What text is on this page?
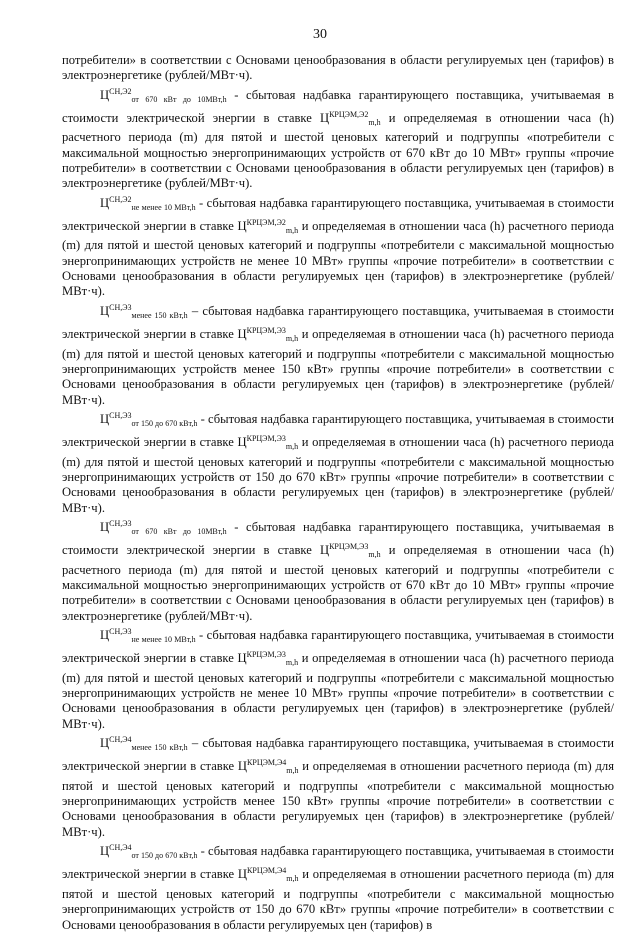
30

потребители» в соответствии с Основами ценообразования в области регулируемых цен (тарифов) в электроэнергетике (рублей/МВт·ч).

$Ц^{СН,Э2}_{от 670 кВт до 10МВт,h}$ - сбытовая надбавка гарантирующего поставщика, учитываемая в стоимости электрической энергии в ставке $Ц^{КРЦЭМ,Э2}_{m,h}$ и определяемая в отношении часа (h) расчетного периода (m) для пятой и шестой ценовых категорий и подгруппы «потребители с максимальной мощностью энергопринимающих устройств от 670 кВт до 10 МВт» группы «прочие потребители» в соответствии с Основами ценообразования в области регулируемых цен (тарифов) в электроэнергетике (рублей/МВт·ч).

$Ц^{СН,Э2}_{не менее 10 МВт,h}$ - сбытовая надбавка гарантирующего поставщика, учитываемая в стоимости электрической энергии в ставке $Ц^{КРЦЭМ,Э2}_{m,h}$ и определяемая в отношении часа (h) расчетного периода (m) для пятой и шестой ценовых категорий и подгруппы «потребители с максимальной мощностью энергопринимающих устройств не менее 10 МВт» группы «прочие потребители» в соответствии с Основами ценообразования в области регулируемых цен (тарифов) в электроэнергетике (рублей/МВт·ч).

$Ц^{СН,Э3}_{менее 150 кВт,h}$ – сбытовая надбавка гарантирующего поставщика, учитываемая в стоимости электрической энергии в ставке $Ц^{КРЦЭМ,Э3}_{m,h}$ и определяемая в отношении часа (h) расчетного периода (m) для пятой и шестой ценовых категорий и подгруппы «потребители с максимальной мощностью энергопринимающих устройств менее 150 кВт» группы «прочие потребители» в соответствии с Основами ценообразования в области регулируемых цен (тарифов) в электроэнергетике (рублей/МВт·ч).

$Ц^{СН,Э3}_{от 150 до 670 кВт,h}$ - сбытовая надбавка гарантирующего поставщика, учитываемая в стоимости электрической энергии в ставке $Ц^{КРЦЭМ,Э3}_{m,h}$ и определяемая в отношении часа (h) расчетного периода (m) для пятой и шестой ценовых категорий и подгруппы «потребители с максимальной мощностью энергопринимающих устройств от 150 до 670 кВт» группы «прочие потребители» в соответствии с Основами ценообразования в области регулируемых цен (тарифов) в электроэнергетике (рублей/МВт·ч).

$Ц^{СН,Э3}_{от 670 кВт до 10МВт,h}$ - сбытовая надбавка гарантирующего поставщика, учитываемая в стоимости электрической энергии в ставке $Ц^{КРЦЭМ,Э3}_{m,h}$ и определяемая в отношении часа (h) расчетного периода (m) для пятой и шестой ценовых категорий и подгруппы «потребители с максимальной мощностью энергопринимающих устройств от 670 кВт до 10 МВт» группы «прочие потребители» в соответствии с Основами ценообразования в области регулируемых цен (тарифов) в электроэнергетике (рублей/МВт·ч).

$Ц^{СН,Э3}_{не менее 10 МВт,h}$ - сбытовая надбавка гарантирующего поставщика, учитываемая в стоимости электрической энергии в ставке $Ц^{КРЦЭМ,Э3}_{m,h}$ и определяемая в отношении часа (h) расчетного периода (m) для пятой и шестой ценовых категорий и подгруппы «потребители с максимальной мощностью энергопринимающих устройств не менее 10 МВт» группы «прочие потребители» в соответствии с Основами ценообразования в области регулируемых цен (тарифов) в электроэнергетике (рублей/МВт·ч).

$Ц^{СН,Э4}_{менее 150 кВт,h}$ – сбытовая надбавка гарантирующего поставщика, учитываемая в стоимости электрической энергии в ставке $Ц^{КРЦЭМ,Э4}_{m,h}$ и определяемая в отношении расчетного периода (m) для пятой и шестой ценовых категорий и подгруппы «потребители с максимальной мощностью энергопринимающих устройств менее 150 кВт» группы «прочие потребители» в соответствии с Основами ценообразования в области регулируемых цен (тарифов) в электроэнергетике (рублей/МВт·ч).

$Ц^{СН,Э4}_{от 150 до 670 кВт,h}$ - сбытовая надбавка гарантирующего поставщика, учитываемая в стоимости электрической энергии в ставке $Ц^{КРЦЭМ,Э4}_{m,h}$ и определяемая в отношении расчетного периода (m) для пятой и шестой ценовых категорий и подгруппы «потребители с максимальной мощностью энергопринимающих устройств от 150 до 670 кВт» группы «прочие потребители» в соответствии с Основами ценообразования в области регулируемых цен (тарифов) в
